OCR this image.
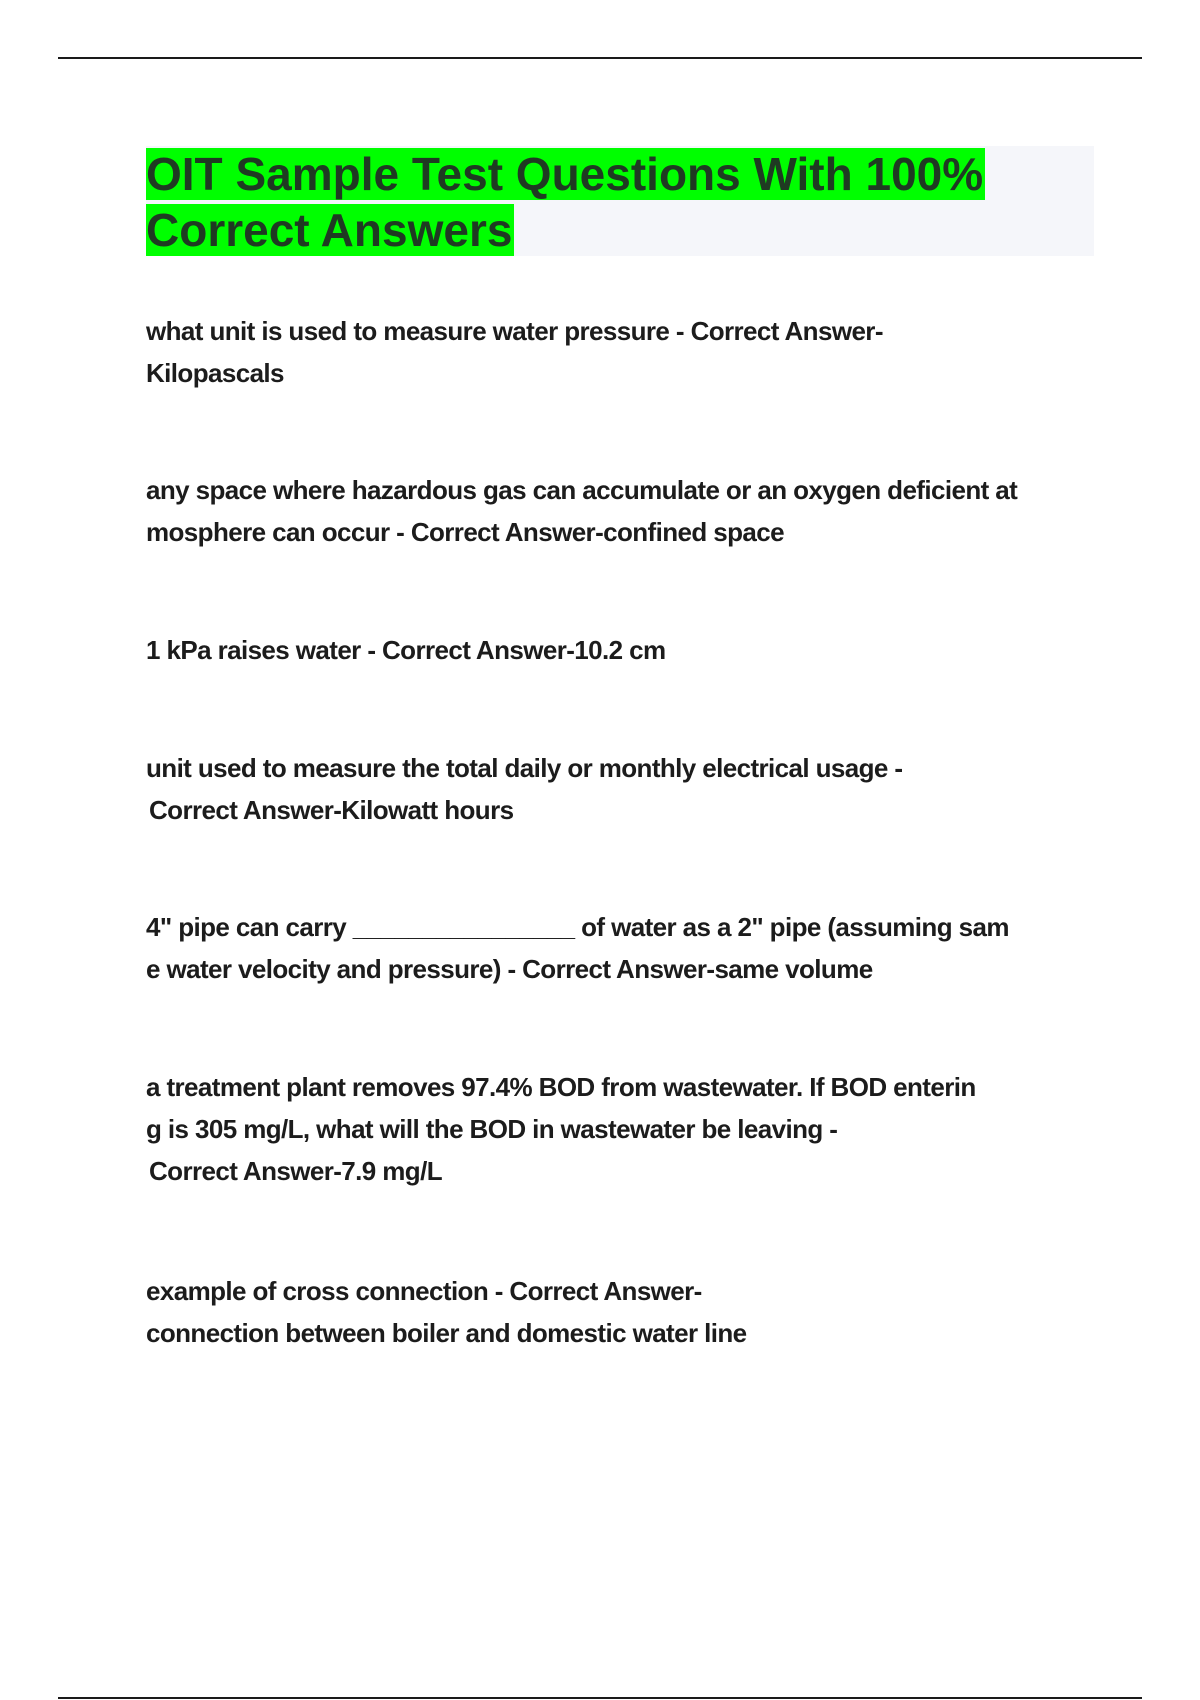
OIT Sample Test Questions With 100%
Correct Answers
what unit is used to measure water pressure - Correct Answer-
Kilopascals
any space where hazardous gas can accumulate or an oxygen deficient at
mosphere can occur - Correct Answer-confined space
1 kPa raises water - Correct Answer-10.2 cm
unit used to measure the total daily or monthly electrical usage -
Correct Answer-Kilowatt hours
4" pipe can carry ________________ of water as a 2" pipe (assuming sam
e water velocity and pressure) - Correct Answer-same volume
a treatment plant removes 97.4% BOD from wastewater. If BOD enterin
g is 305 mg/L, what will the BOD in wastewater be leaving -
Correct Answer-7.9 mg/L
example of cross connection - Correct Answer-
connection between boiler and domestic water line
